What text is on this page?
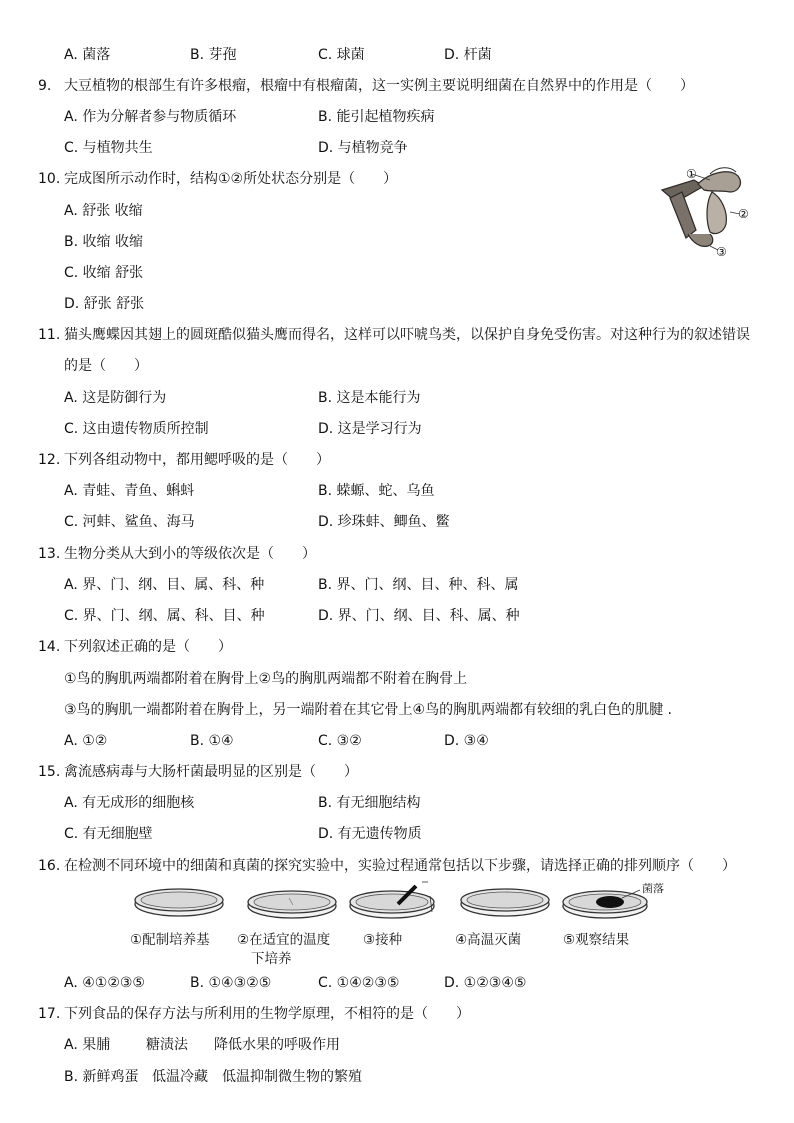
A. 菌落	B. 芽孢	C. 球菌	D. 杆菌
9. 大豆植物的根部生有许多根瘤，根瘤中有根瘤菌，这一实例主要说明细菌在自然界中的作用是（　　）
A. 作为分解者参与物质循环	B. 能引起植物疾病
C. 与植物共生	D. 与植物竞争
10. 完成图所示动作时，结构①②所处状态分别是（　　）
A. 舒张 收缩
B. 收缩 收缩
C. 收缩 舒张
D. 舒张 舒张
①
②
③
11. 猫头鹰蝶因其翅上的圆斑酷似猫头鹰而得名，这样可以吓唬鸟类，以保护自身免受伤害。对这种行为的叙述错误
的是（　　）
A. 这是防御行为	B. 这是本能行为
C. 这由遗传物质所控制	D. 这是学习行为
12. 下列各组动物中，都用鳃呼吸的是（　　）
A. 青蛙、青鱼、蝌蚪	B. 蝾螈、蛇、乌鱼
C. 河蚌、鲨鱼、海马	D. 珍珠蚌、鲫鱼、鳖
13. 生物分类从大到小的等级依次是（　　）
A. 界、门、纲、目、属、科、种	B. 界、门、纲、目、种、科、属
C. 界、门、纲、属、科、目、种	D. 界、门、纲、目、科、属、种
14. 下列叙述正确的是（　　）
①鸟的胸肌两端都附着在胸骨上②鸟的胸肌两端都不附着在胸骨上
③鸟的胸肌一端都附着在胸骨上，另一端附着在其它骨上④鸟的胸肌两端都有较细的乳白色的肌腱 .
A. ①②	B. ①④	C. ③②	D. ③④
15. 禽流感病毒与大肠杆菌最明显的区别是（　　）
A. 有无成形的细胞核	B. 有无细胞结构
C. 有无细胞壁	D. 有无遗传物质
16. 在检测不同环境中的细菌和真菌的探究实验中，实验过程通常包括以下步骤，请选择正确的排列顺序（　　）
菌落
①配制培养基 ②在适宜的温度
下培养
③接种	④高温灭菌	⑤观察结果
A. ④①②③⑤	B. ①④③②⑤	C. ①④②③⑤	D. ①②③④⑤
17. 下列食品的保存方法与所利用的生物学原理，不相符的是（　　）
A. 果脯	糖渍法 降低水果的呼吸作用
B. 新鲜鸡蛋 低温冷藏 低温抑制微生物的繁殖
